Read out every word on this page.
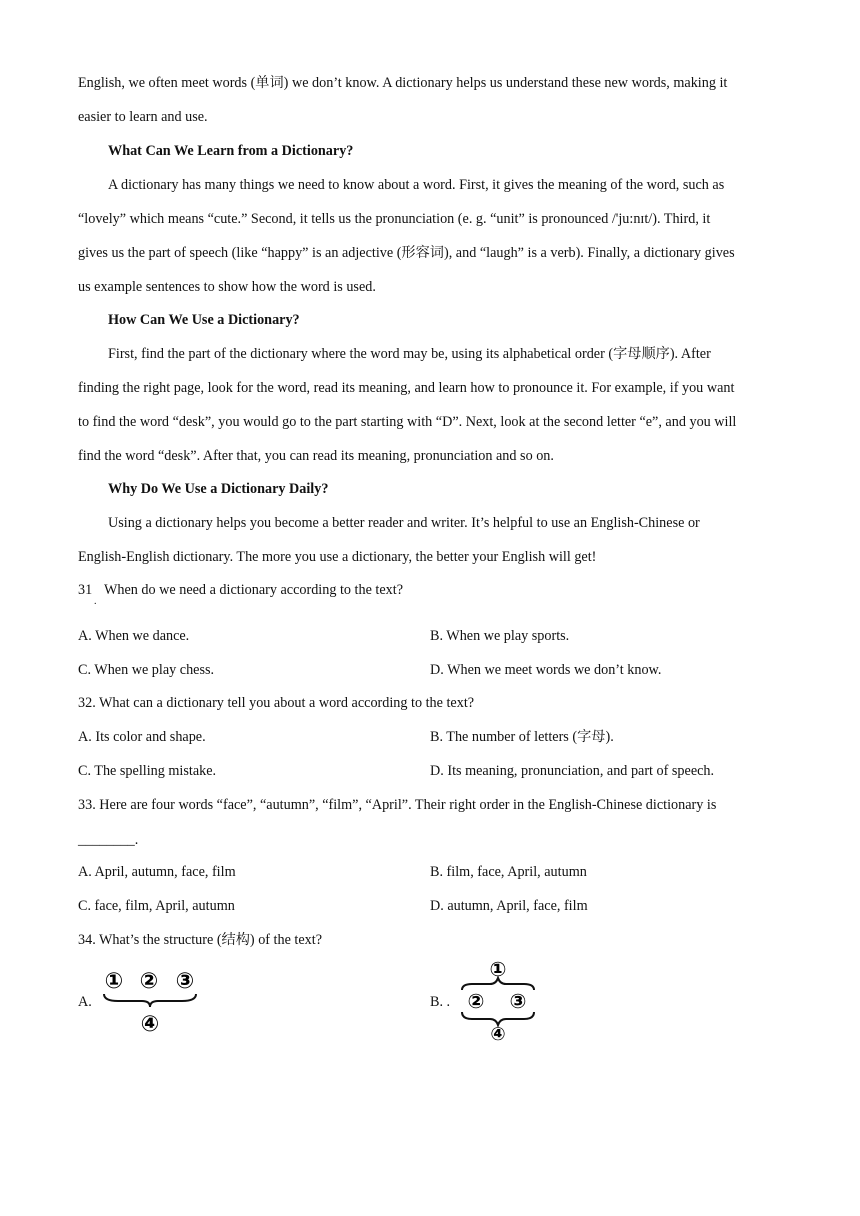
English, we often meet words (单词) we don’t know. A dictionary helps us understand these new words, making it
easier to learn and use.
What Can We Learn from a Dictionary?
A dictionary has many things we need to know about a word. First, it gives the meaning of the word, such as
“lovely” which means “cute.” Second, it tells us the pronunciation (e. g. “unit” is pronounced /'ju:nɪt/). Third, it
gives us the part of speech (like “happy” is an adjective (形容词), and “laugh” is a verb). Finally, a dictionary gives
us example sentences to show how the word is used.
How Can We Use a Dictionary?
First, find the part of the dictionary where the word may be, using its alphabetical order (字母顺序). After
finding the right page, look for the word, read its meaning, and learn how to pronounce it. For example, if you want
to find the word “desk”, you would go to the part starting with “D”. Next, look at the second letter “e”, and you will
find the word “desk”. After that, you can read its meaning, pronunciation and so on.
Why Do We Use a Dictionary Daily?
Using a dictionary helps you become a better reader and writer. It’s helpful to use an English-Chinese or
English-English dictionary. The more you use a dictionary, the better your English will get!
31
.
When do we need a dictionary according to the text?
A. When we dance.	B. When we play sports.
C. When we play chess.	D. When we meet words we don’t know.
32. What can a dictionary tell you about a word according to the text?
A. Its color and shape.	B. The number of letters (字母).
C. The spelling mistake.	D. Its meaning, pronunciation, and part of speech.
33. Here are four words “face”, “autumn”, “film”, “April”. Their right order in the English-Chinese dictionary is
________.
A. April, autumn, face, film	B. film, face, April, autumn
C. face, film, April, autumn	D. autumn, April, face, film
34. What’s the structure (结构) of the text?
A.	B. .
① ② ③
④
①
② ③
④
